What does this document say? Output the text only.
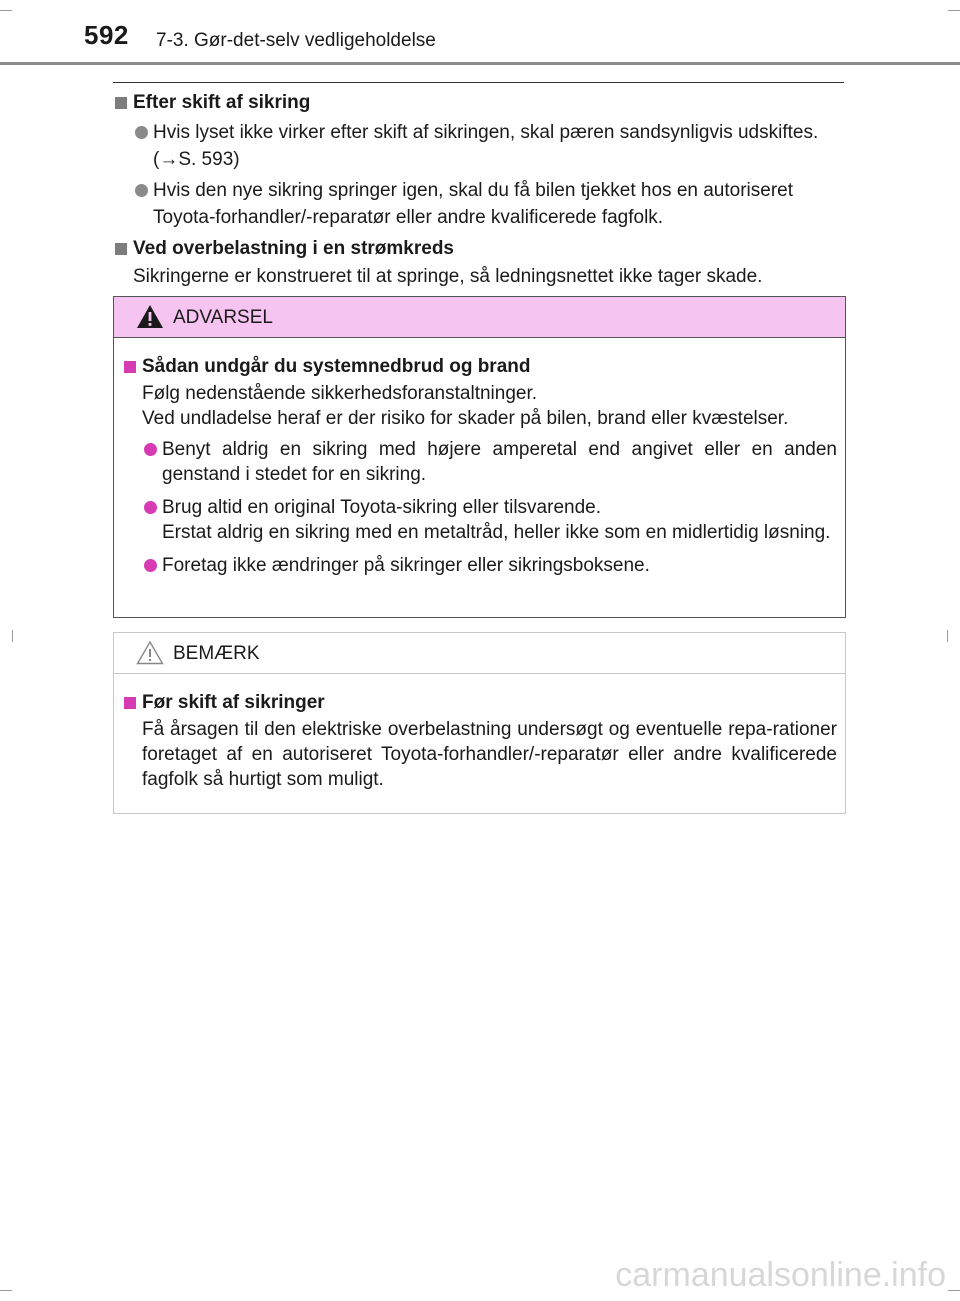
592 7-3. Gør-det-selv vedligeholdelse
Efter skift af sikring
Hvis lyset ikke virker efter skift af sikringen, skal pæren sandsynligvis udskiftes.
(→S. 593)
Hvis den nye sikring springer igen, skal du få bilen tjekket hos en autoriseret
Toyota-forhandler/-reparatør eller andre kvalificerede fagfolk.
Ved overbelastning i en strømkreds
Sikringerne er konstrueret til at springe, så ledningsnettet ikke tager skade.
ADVARSEL
Sådan undgår du systemnedbrud og brand
Følg nedenstående sikkerhedsforanstaltninger.
Ved undladelse heraf er der risiko for skader på bilen, brand eller kvæstelser.
Benyt aldrig en sikring med højere amperetal end angivet eller en anden genstand i stedet for en sikring.
Brug altid en original Toyota-sikring eller tilsvarende.
Erstat aldrig en sikring med en metaltråd, heller ikke som en midlertidig løsning.
Foretag ikke ændringer på sikringer eller sikringsboksene.
BEMÆRK
Før skift af sikringer
Få årsagen til den elektriske overbelastning undersøgt og eventuelle repa-rationer foretaget af en autoriseret Toyota-forhandler/-reparatør eller andre kvalificerede fagfolk så hurtigt som muligt.
carmanualsonline.info
